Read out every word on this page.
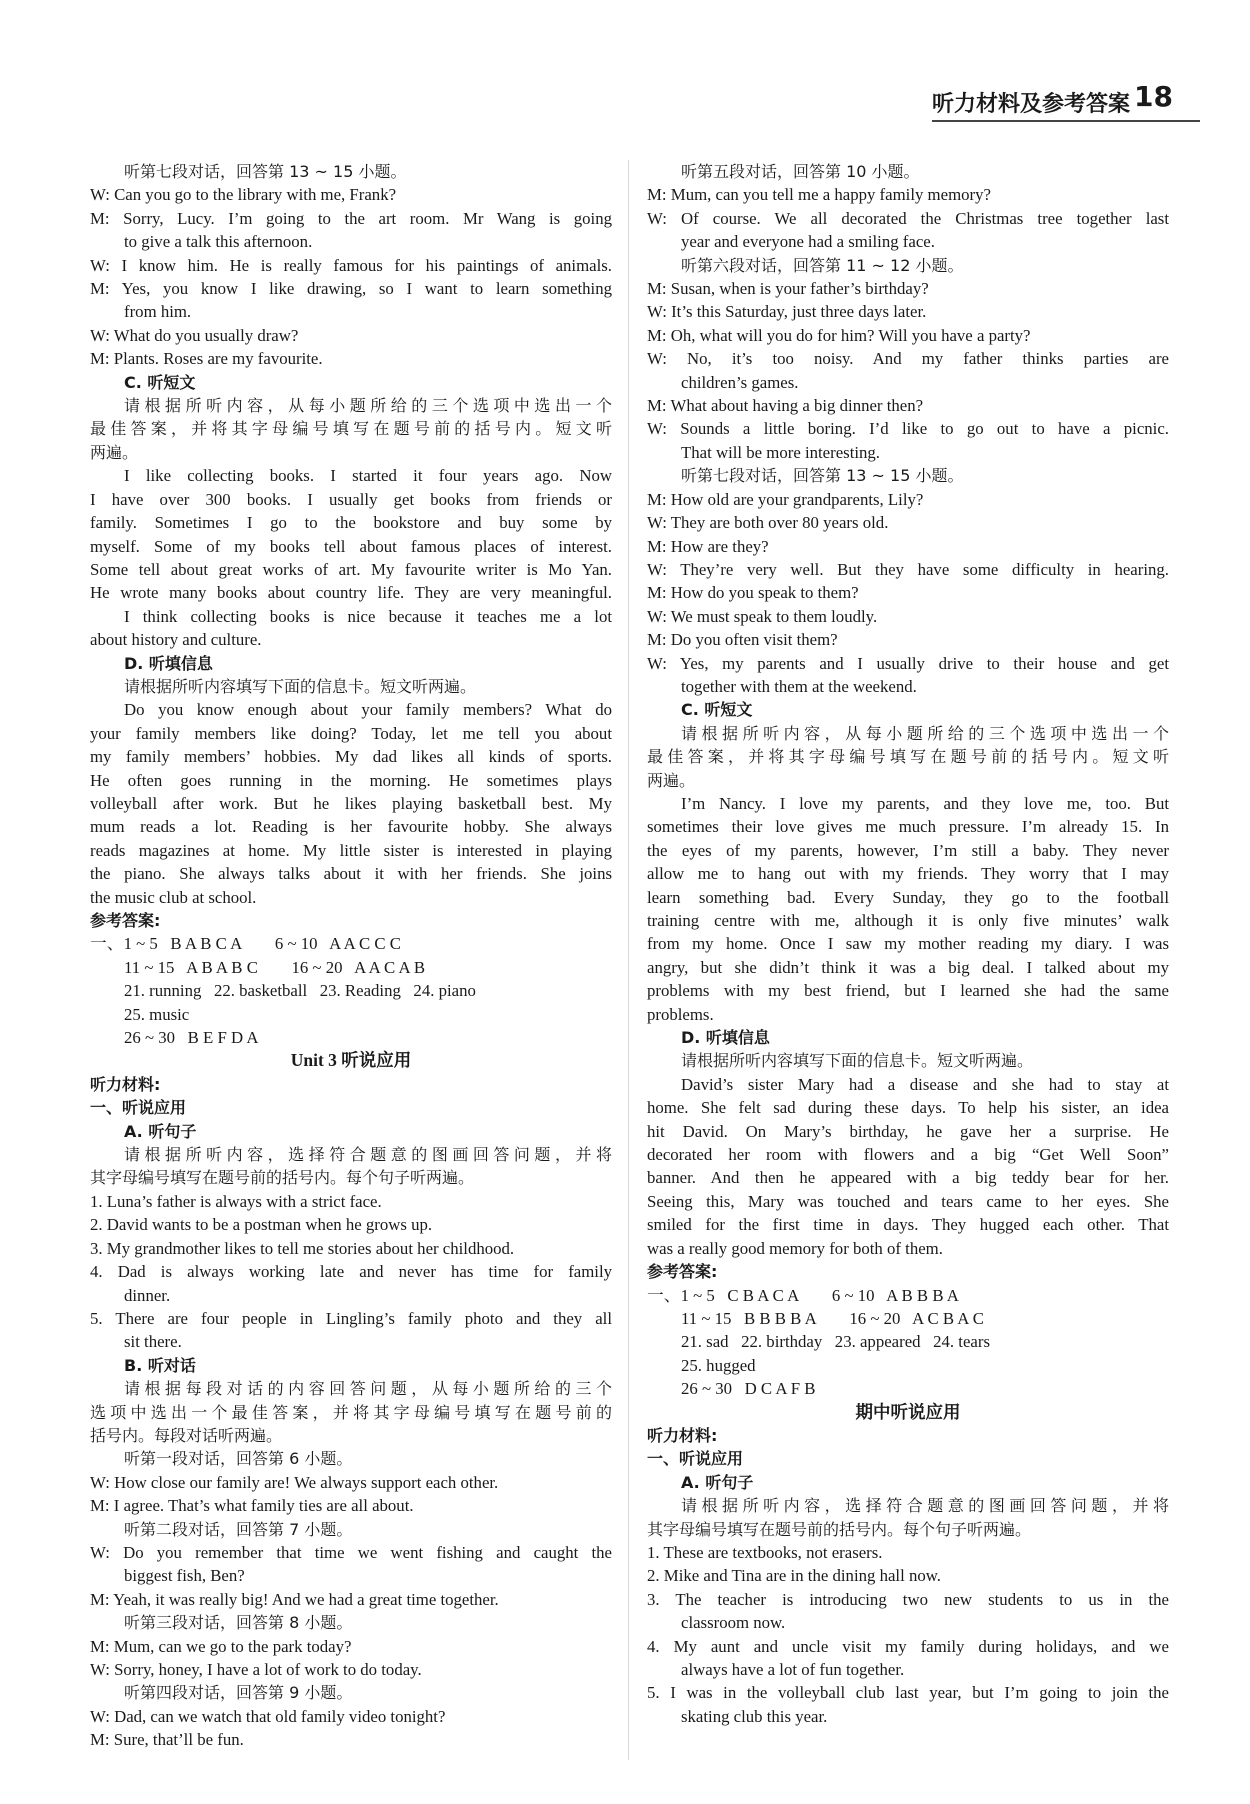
听力材料及参考答案 18
听第七段对话，回答第 13 ~ 15 小题。
W: Can you go to the library with me, Frank?
M: Sorry, Lucy. I’m going to the art room. Mr Wang is going
to give a talk this afternoon.
W: I know him. He is really famous for his paintings of animals.
M: Yes, you know I like drawing, so I want to learn something
from him.
W: What do you usually draw?
M: Plants. Roses are my favourite.
C. 听短文
请根据所听内容，从每小题所给的三个选项中选出一个
最佳答案，并将其字母编号填写在题号前的括号内。短文听
两遍。
I like collecting books. I started it four years ago. Now
I have over 300 books. I usually get books from friends or
family. Sometimes I go to the bookstore and buy some by
myself. Some of my books tell about famous places of interest.
Some tell about great works of art. My favourite writer is Mo Yan.
He wrote many books about country life. They are very meaningful.
I think collecting books is nice because it teaches me a lot
about history and culture.
D. 听填信息
请根据所听内容填写下面的信息卡。短文听两遍。
Do you know enough about your family members? What do
your family members like doing? Today, let me tell you about
my family members’ hobbies. My dad likes all kinds of sports.
He often goes running in the morning. He sometimes plays
volleyball after work. But he likes playing basketball best. My
mum reads a lot. Reading is her favourite hobby. She always
reads magazines at home. My little sister is interested in playing
the piano. She always talks about it with her friends. She joins
the music club at school.
参考答案:
一、1 ~ 5   B A B C A        6 ~ 10   A A C C C
11 ~ 15   A B A B C        16 ~ 20   A A C A B
21. running   22. basketball   23. Reading   24. piano
25. music
26 ~ 30   B E F D A
Unit 3 听说应用
听力材料:
一、听说应用
A. 听句子
请根据所听内容，选择符合题意的图画回答问题，并将
其字母编号填写在题号前的括号内。每个句子听两遍。
1. Luna’s father is always with a strict face.
2. David wants to be a postman when he grows up.
3. My grandmother likes to tell me stories about her childhood.
4. Dad is always working late and never has time for family
dinner.
5. There are four people in Lingling’s family photo and they all
sit there.
B. 听对话
请根据每段对话的内容回答问题，从每小题所给的三个
选项中选出一个最佳答案，并将其字母编号填写在题号前的
括号内。每段对话听两遍。
听第一段对话，回答第 6 小题。
W: How close our family are! We always support each other.
M: I agree. That’s what family ties are all about.
听第二段对话，回答第 7 小题。
W: Do you remember that time we went fishing and caught the
biggest fish, Ben?
M: Yeah, it was really big! And we had a great time together.
听第三段对话，回答第 8 小题。
M: Mum, can we go to the park today?
W: Sorry, honey, I have a lot of work to do today.
听第四段对话，回答第 9 小题。
W: Dad, can we watch that old family video tonight?
M: Sure, that’ll be fun.
听第五段对话，回答第 10 小题。
M: Mum, can you tell me a happy family memory?
W: Of course. We all decorated the Christmas tree together last
year and everyone had a smiling face.
听第六段对话，回答第 11 ~ 12 小题。
M: Susan, when is your father’s birthday?
W: It’s this Saturday, just three days later.
M: Oh, what will you do for him? Will you have a party?
W: No, it’s too noisy. And my father thinks parties are
children’s games.
M: What about having a big dinner then?
W: Sounds a little boring. I’d like to go out to have a picnic.
That will be more interesting.
听第七段对话，回答第 13 ~ 15 小题。
M: How old are your grandparents, Lily?
W: They are both over 80 years old.
M: How are they?
W: They’re very well. But they have some difficulty in hearing.
M: How do you speak to them?
W: We must speak to them loudly.
M: Do you often visit them?
W: Yes, my parents and I usually drive to their house and get
together with them at the weekend.
C. 听短文
请根据所听内容，从每小题所给的三个选项中选出一个
最佳答案，并将其字母编号填写在题号前的括号内。短文听
两遍。
I’m Nancy. I love my parents, and they love me, too. But
sometimes their love gives me much pressure. I’m already 15. In
the eyes of my parents, however, I’m still a baby. They never
allow me to hang out with my friends. They worry that I may
learn something bad. Every Sunday, they go to the football
training centre with me, although it is only five minutes’ walk
from my home. Once I saw my mother reading my diary. I was
angry, but she didn’t think it was a big deal. I talked about my
problems with my best friend, but I learned she had the same
problems.
D. 听填信息
请根据所听内容填写下面的信息卡。短文听两遍。
David’s sister Mary had a disease and she had to stay at
home. She felt sad during these days. To help his sister, an idea
hit David. On Mary’s birthday, he gave her a surprise. He
decorated her room with flowers and a big “Get Well Soon”
banner. And then he appeared with a big teddy bear for her.
Seeing this, Mary was touched and tears came to her eyes. She
smiled for the first time in days. They hugged each other. That
was a really good memory for both of them.
参考答案:
一、1 ~ 5   C B A C A        6 ~ 10   A B B B A
11 ~ 15   B B B B A        16 ~ 20   A C B A C
21. sad   22. birthday   23. appeared   24. tears
25. hugged
26 ~ 30   D C A F B
期中听说应用
听力材料:
一、听说应用
A. 听句子
请根据所听内容，选择符合题意的图画回答问题，并将
其字母编号填写在题号前的括号内。每个句子听两遍。
1. These are textbooks, not erasers.
2. Mike and Tina are in the dining hall now.
3. The teacher is introducing two new students to us in the
classroom now.
4. My aunt and uncle visit my family during holidays, and we
always have a lot of fun together.
5. I was in the volleyball club last year, but I’m going to join the
skating club this year.
